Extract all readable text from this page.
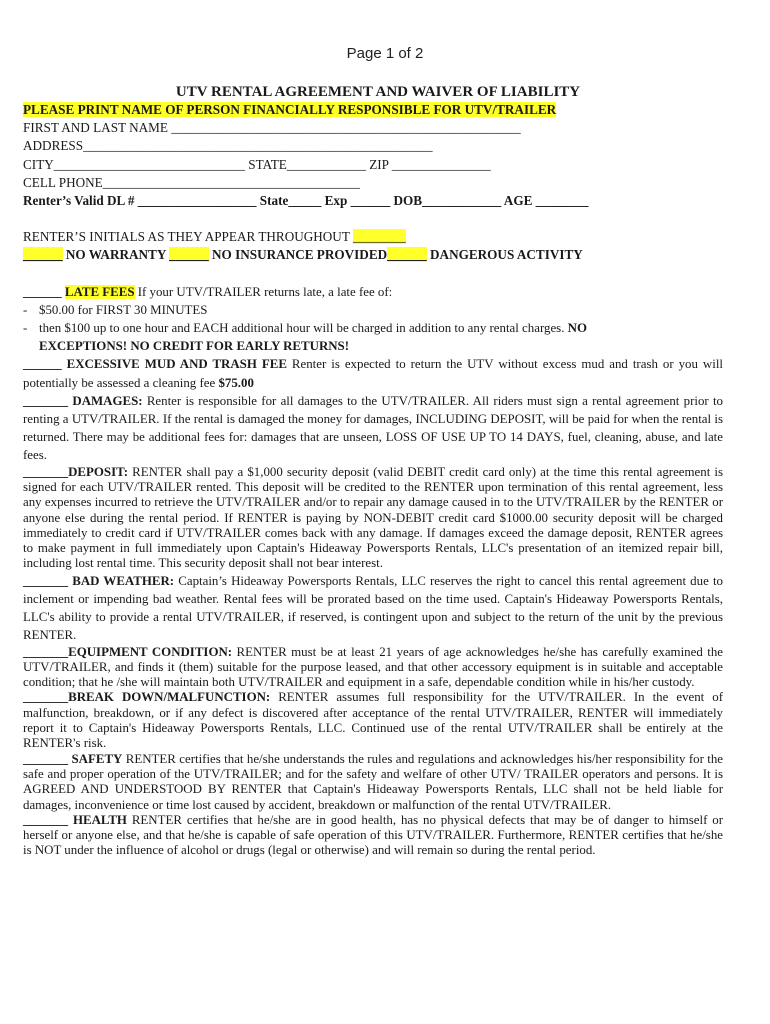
Page 1 of 2
UTV RENTAL AGREEMENT AND WAIVER OF LIABILITY
PLEASE PRINT NAME OF PERSON FINANCIALLY RESPONSIBLE FOR UTV/TRAILER
FIRST AND LAST NAME _____________________________________________________
ADDRESS_____________________________________________________
CITY_____________________________ STATE____________ ZIP _______________
CELL PHONE_______________________________________
Renter’s Valid DL # __________________ State_____ Exp ______ DOB____________ AGE ________
RENTER’S INITIALS AS THEY APPEAR THROUGHOUT ________
______ NO WARRANTY ______ NO INSURANCE PROVIDED______ DANGEROUS ACTIVITY
______ LATE FEES If your UTV/TRAILER returns late, a late fee of:
- $50.00 for FIRST 30 MINUTES
- then $100 up to one hour and EACH additional hour will be charged in addition to any rental charges. NO
EXCEPTIONS! NO CREDIT FOR EARLY RETURNS!
______ EXCESSIVE MUD AND TRASH FEE Renter is expected to return the UTV without excess mud and trash or you will potentially be assessed a cleaning fee $75.00
_______ DAMAGES: Renter is responsible for all damages to the UTV/TRAILER. All riders must sign a rental agreement prior to renting a UTV/TRAILER. If the rental is damaged the money for damages, INCLUDING DEPOSIT, will be paid for when the rental is returned. There may be additional fees for: damages that are unseen, LOSS OF USE UP TO 14 DAYS, fuel, cleaning, abuse, and late fees.
_______DEPOSIT: RENTER shall pay a $1,000 security deposit (valid DEBIT credit card only) at the time this rental agreement is signed for each UTV/TRAILER rented. This deposit will be credited to the RENTER upon termination of this rental agreement, less any expenses incurred to retrieve the UTV/TRAILER and/or to repair any damage caused in to the UTV/TRAILER by the RENTER or anyone else during the rental period. If RENTER is paying by NON-DEBIT credit card $1000.00 security deposit will be charged immediately to credit card if UTV/TRAILER comes back with any damage. If damages exceed the damage deposit, RENTER agrees to make payment in full immediately upon Captain's Hideaway Powersports Rentals, LLC's presentation of an itemized repair bill, including lost rental time. This security deposit shall not bear interest.
_______ BAD WEATHER: Captain’s Hideaway Powersports Rentals, LLC reserves the right to cancel this rental agreement due to inclement or impending bad weather. Rental fees will be prorated based on the time used. Captain's Hideaway Powersports Rentals, LLC's ability to provide a rental UTV/TRAILER, if reserved, is contingent upon and subject to the return of the unit by the previous RENTER.
_______EQUIPMENT CONDITION: RENTER must be at least 21 years of age acknowledges he/she has carefully examined the UTV/TRAILER, and finds it (them) suitable for the purpose leased, and that other accessory equipment is in suitable and acceptable condition; that he /she will maintain both UTV/TRAILER and equipment in a safe, dependable condition while in his/her custody.
_______BREAK DOWN/MALFUNCTION: RENTER assumes full responsibility for the UTV/TRAILER. In the event of malfunction, breakdown, or if any defect is discovered after acceptance of the rental UTV/TRAILER, RENTER will immediately report it to Captain's Hideaway Powersports Rentals, LLC. Continued use of the rental UTV/TRAILER shall be entirely at the RENTER's risk.
_______ SAFETY RENTER certifies that he/she understands the rules and regulations and acknowledges his/her responsibility for the safe and proper operation of the UTV/TRAILER; and for the safety and welfare of other UTV/ TRAILER operators and persons. It is AGREED AND UNDERSTOOD BY RENTER that Captain's Hideaway Powersports Rentals, LLC shall not be held liable for damages, inconvenience or time lost caused by accident, breakdown or malfunction of the rental UTV/TRAILER.
_______ HEALTH RENTER certifies that he/she are in good health, has no physical defects that may be of danger to himself or herself or anyone else, and that he/she is capable of safe operation of this UTV/TRAILER. Furthermore, RENTER certifies that he/she is NOT under the influence of alcohol or drugs (legal or otherwise) and will remain so during the rental period.
